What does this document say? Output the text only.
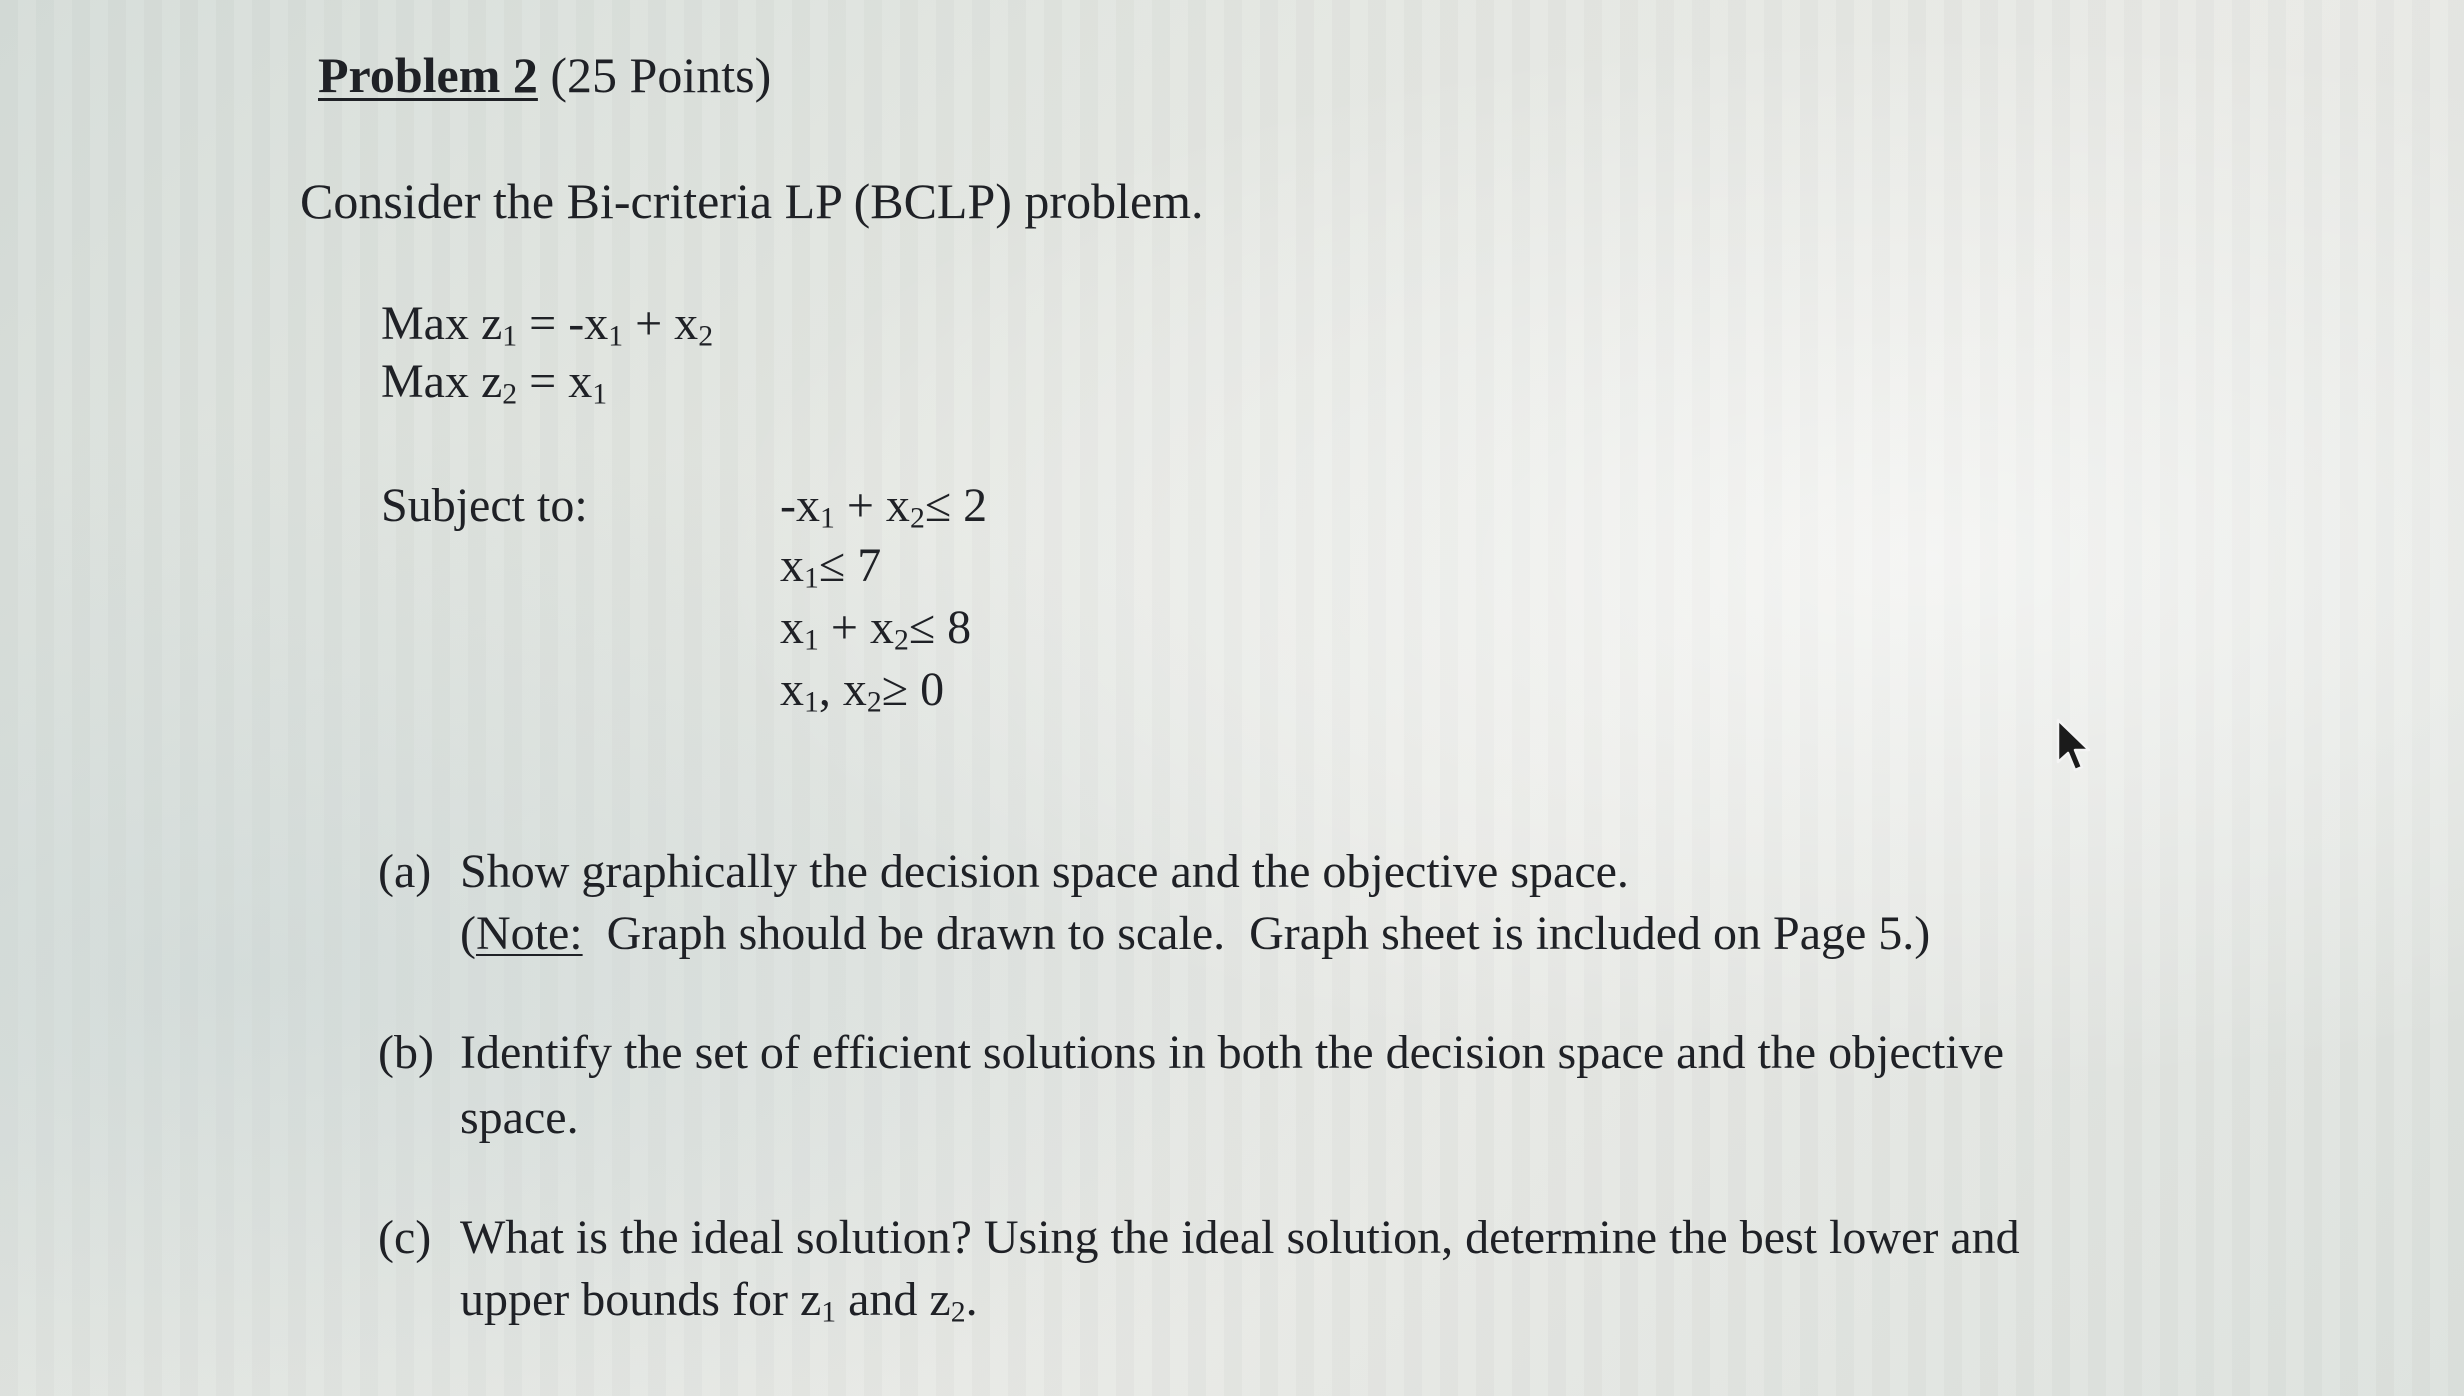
Problem 2 (25 Points)
Consider the Bi-criteria LP (BCLP) problem.
Max $z_1 = -x_1 + x_2$
Max $z_2 = x_1$
Subject to:	$-x_1 + x_2\le 2$
$x_1\le 7$
$x_1 + x_2\le 8$
$x_1$, $x_2\ge 0$
(a) Show graphically the decision space and the objective space.
(Note:  Graph should be drawn to scale.  Graph sheet is included on Page 5.)
(b) Identify the set of efficient solutions in both the decision space and the objective
space.
(c) What is the ideal solution? Using the ideal solution, determine the best lower and
upper bounds for $z_1$ and $z_2$.
